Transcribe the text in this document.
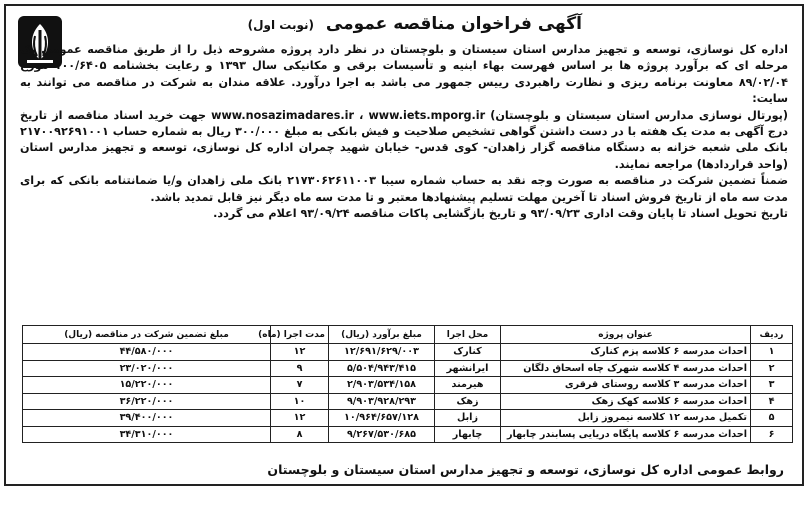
آگهی فراخوان مناقصه عمومی (نوبت اول)

اداره کل نوسازی، توسعه و تجهیز مدارس استان سیستان و بلوچستان در نظر دارد پروژه مشروحه ذیل را از طریق مناقصه عمومی یک مرحله ای که برآورد پروژه ها بر اساس فهرست بهاء ابنیه و تأسیسات برقی و مکانیکی سال ۱۳۹۳ و رعایت بخشنامه ۱۰۰/۶۴۰۵ مورخ ۸۹/۰۲/۰۴ معاونت برنامه ریزی و نظارت راهبردی رییس جمهور می باشد به اجرا درآورد. علاقه مندان به شرکت در مناقصه می توانند به سایت:

(پورتال نوسازی مدارس استان سیستان و بلوچستان) www.nosazimadares.ir ، www.iets.mporg.ir جهت خرید اسناد مناقصه از تاریخ درج آگهی به مدت یک هفته با در دست داشتن گواهی تشخیص صلاحیت و فیش بانکی به مبلغ ۳۰۰/۰۰۰ ریال به شماره حساب ۲۱۷۰۰۹۲۶۹۱۰۰۱ بانک ملی شعبه خزانه به دستگاه مناقصه گزار زاهدان- کوی قدس- خیابان شهید چمران اداره کل نوسازی، توسعه و تجهیز مدارس استان (واحد قراردادها) مراجعه نمایند.

ضمناً تضمین شرکت در مناقصه به صورت وجه نقد به حساب شماره سیبا ۲۱۷۳۰۶۲۶۱۱۰۰۳ بانک ملی زاهدان و/یا ضمانتنامه بانکی که برای مدت سه ماه از تاریخ فروش اسناد تا آخرین مهلت تسلیم پیشنهادها معتبر و تا مدت سه ماه دیگر نیز قابل تمدید باشد.

تاریخ تحویل اسناد تا پایان وقت اداری ۹۳/۰۹/۲۳ و تاریخ بازگشایی پاکات مناقصه ۹۳/۰۹/۲۴ اعلام می گردد.

ردیف	عنوان پروژه	محل اجرا	مبلغ برآورد (ریال)	مدت اجرا (ماه)	مبلغ تضمین شرکت در مناقصه (ریال)
۱	احداث مدرسه ۶ کلاسه پزم کنارک	کنارک	۱۲/۶۹۱/۶۲۹/۰۰۳	۱۲	۴۴/۵۸۰/۰۰۰
۲	احداث مدرسه ۴ کلاسه شهرک چاه اسحاق دلگان	ایرانشهر	۵/۵۰۴/۹۴۳/۴۱۵	۹	۲۳/۰۲۰/۰۰۰
۳	احداث مدرسه ۳ کلاسه روستای قرقری	هیرمند	۲/۹۰۳/۵۳۴/۱۵۸	۷	۱۵/۲۲۰/۰۰۰
۴	احداث مدرسه ۶ کلاسه کهک زهک	زهک	۹/۹۰۳/۹۲۸/۲۹۳	۱۰	۳۶/۲۲۰/۰۰۰
۵	تکمیل مدرسه ۱۲ کلاسه نیمروز زابل	زابل	۱۰/۹۶۴/۶۵۷/۱۲۸	۱۲	۳۹/۴۰۰/۰۰۰
۶	احداث مدرسه ۶ کلاسه پایگاه دریایی پسابندر چابهار	چابهار	۹/۲۶۷/۵۳۰/۶۸۵	۸	۳۴/۳۱۰/۰۰۰
روابط عمومی اداره کل نوسازی، توسعه و تجهیز مدارس استان سیستان و بلوچستان
